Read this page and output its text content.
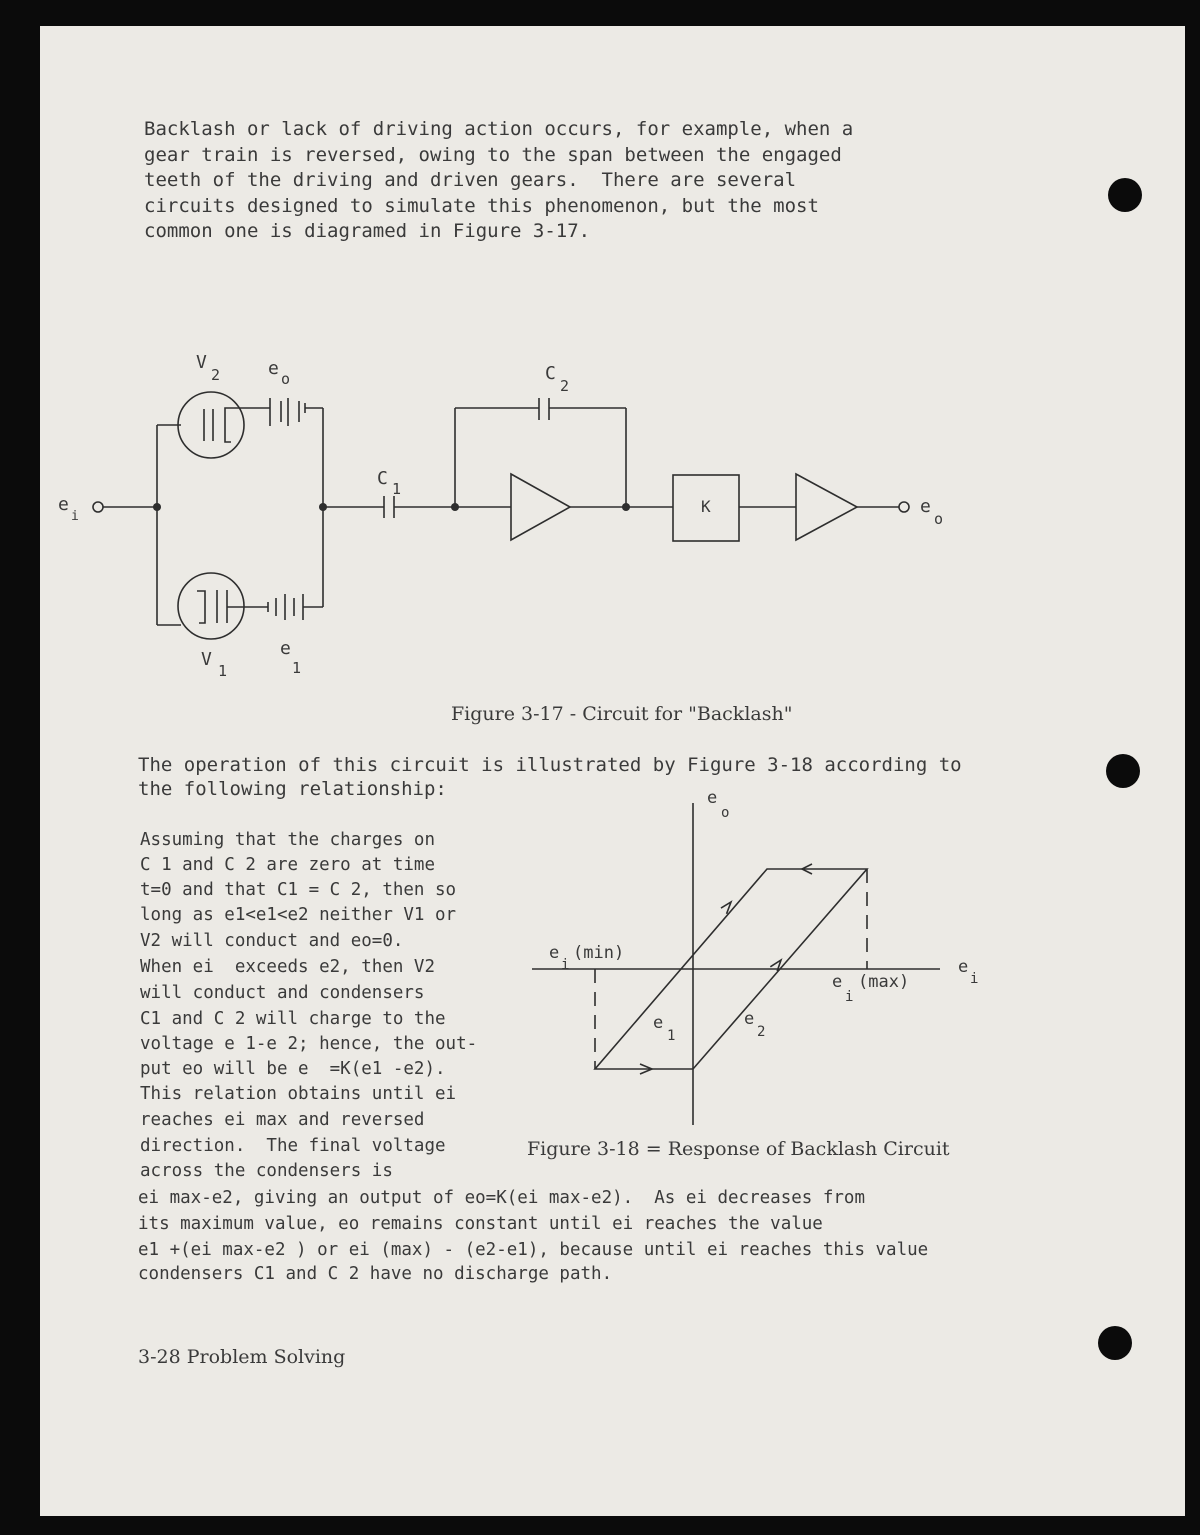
Backlash or lack of driving action occurs, for example, when a
gear train is reversed, owing to the span between the engaged
teeth of the driving and driven gears.  There are several
circuits designed to simulate this phenomenon, but the most
common one is diagramed in Figure 3-17.
e
i
V
2	e o
V
1
e
1
C 1
C
2
K	e
o
Figure 3-17 - Circuit for "Backlash"
The operation of this circuit is illustrated by Figure 3-18 according to
the following relationship:
Assuming that the charges on
C 1 and C 2 are zero at time
t=0 and that C1 = C 2, then so
long as e1<e1<e2 neither V1 or
V2 will conduct and eo=0.
When ei  exceeds e2, then V2
will conduct and condensers
C1 and C 2 will charge to the
voltage e 1-e 2; hence, the out-
put eo will be e  =K(e1 -e2).
This relation obtains until ei
reaches ei max and reversed
direction.  The final voltage
across the condensers is
e
o
e
i
e
i
(min)
e
i
(max)
e
1
e
2
Figure 3-18 = Response of Backlash Circuit
ei max-e2, giving an output of eo=K(ei max-e2).  As ei decreases from
its maximum value, eo remains constant until ei reaches the value
e1 +(ei max-e2 ) or ei (max) - (e2-e1), because until ei reaches this value
condensers C1 and C 2 have no discharge path.
3-28 Problem Solving
